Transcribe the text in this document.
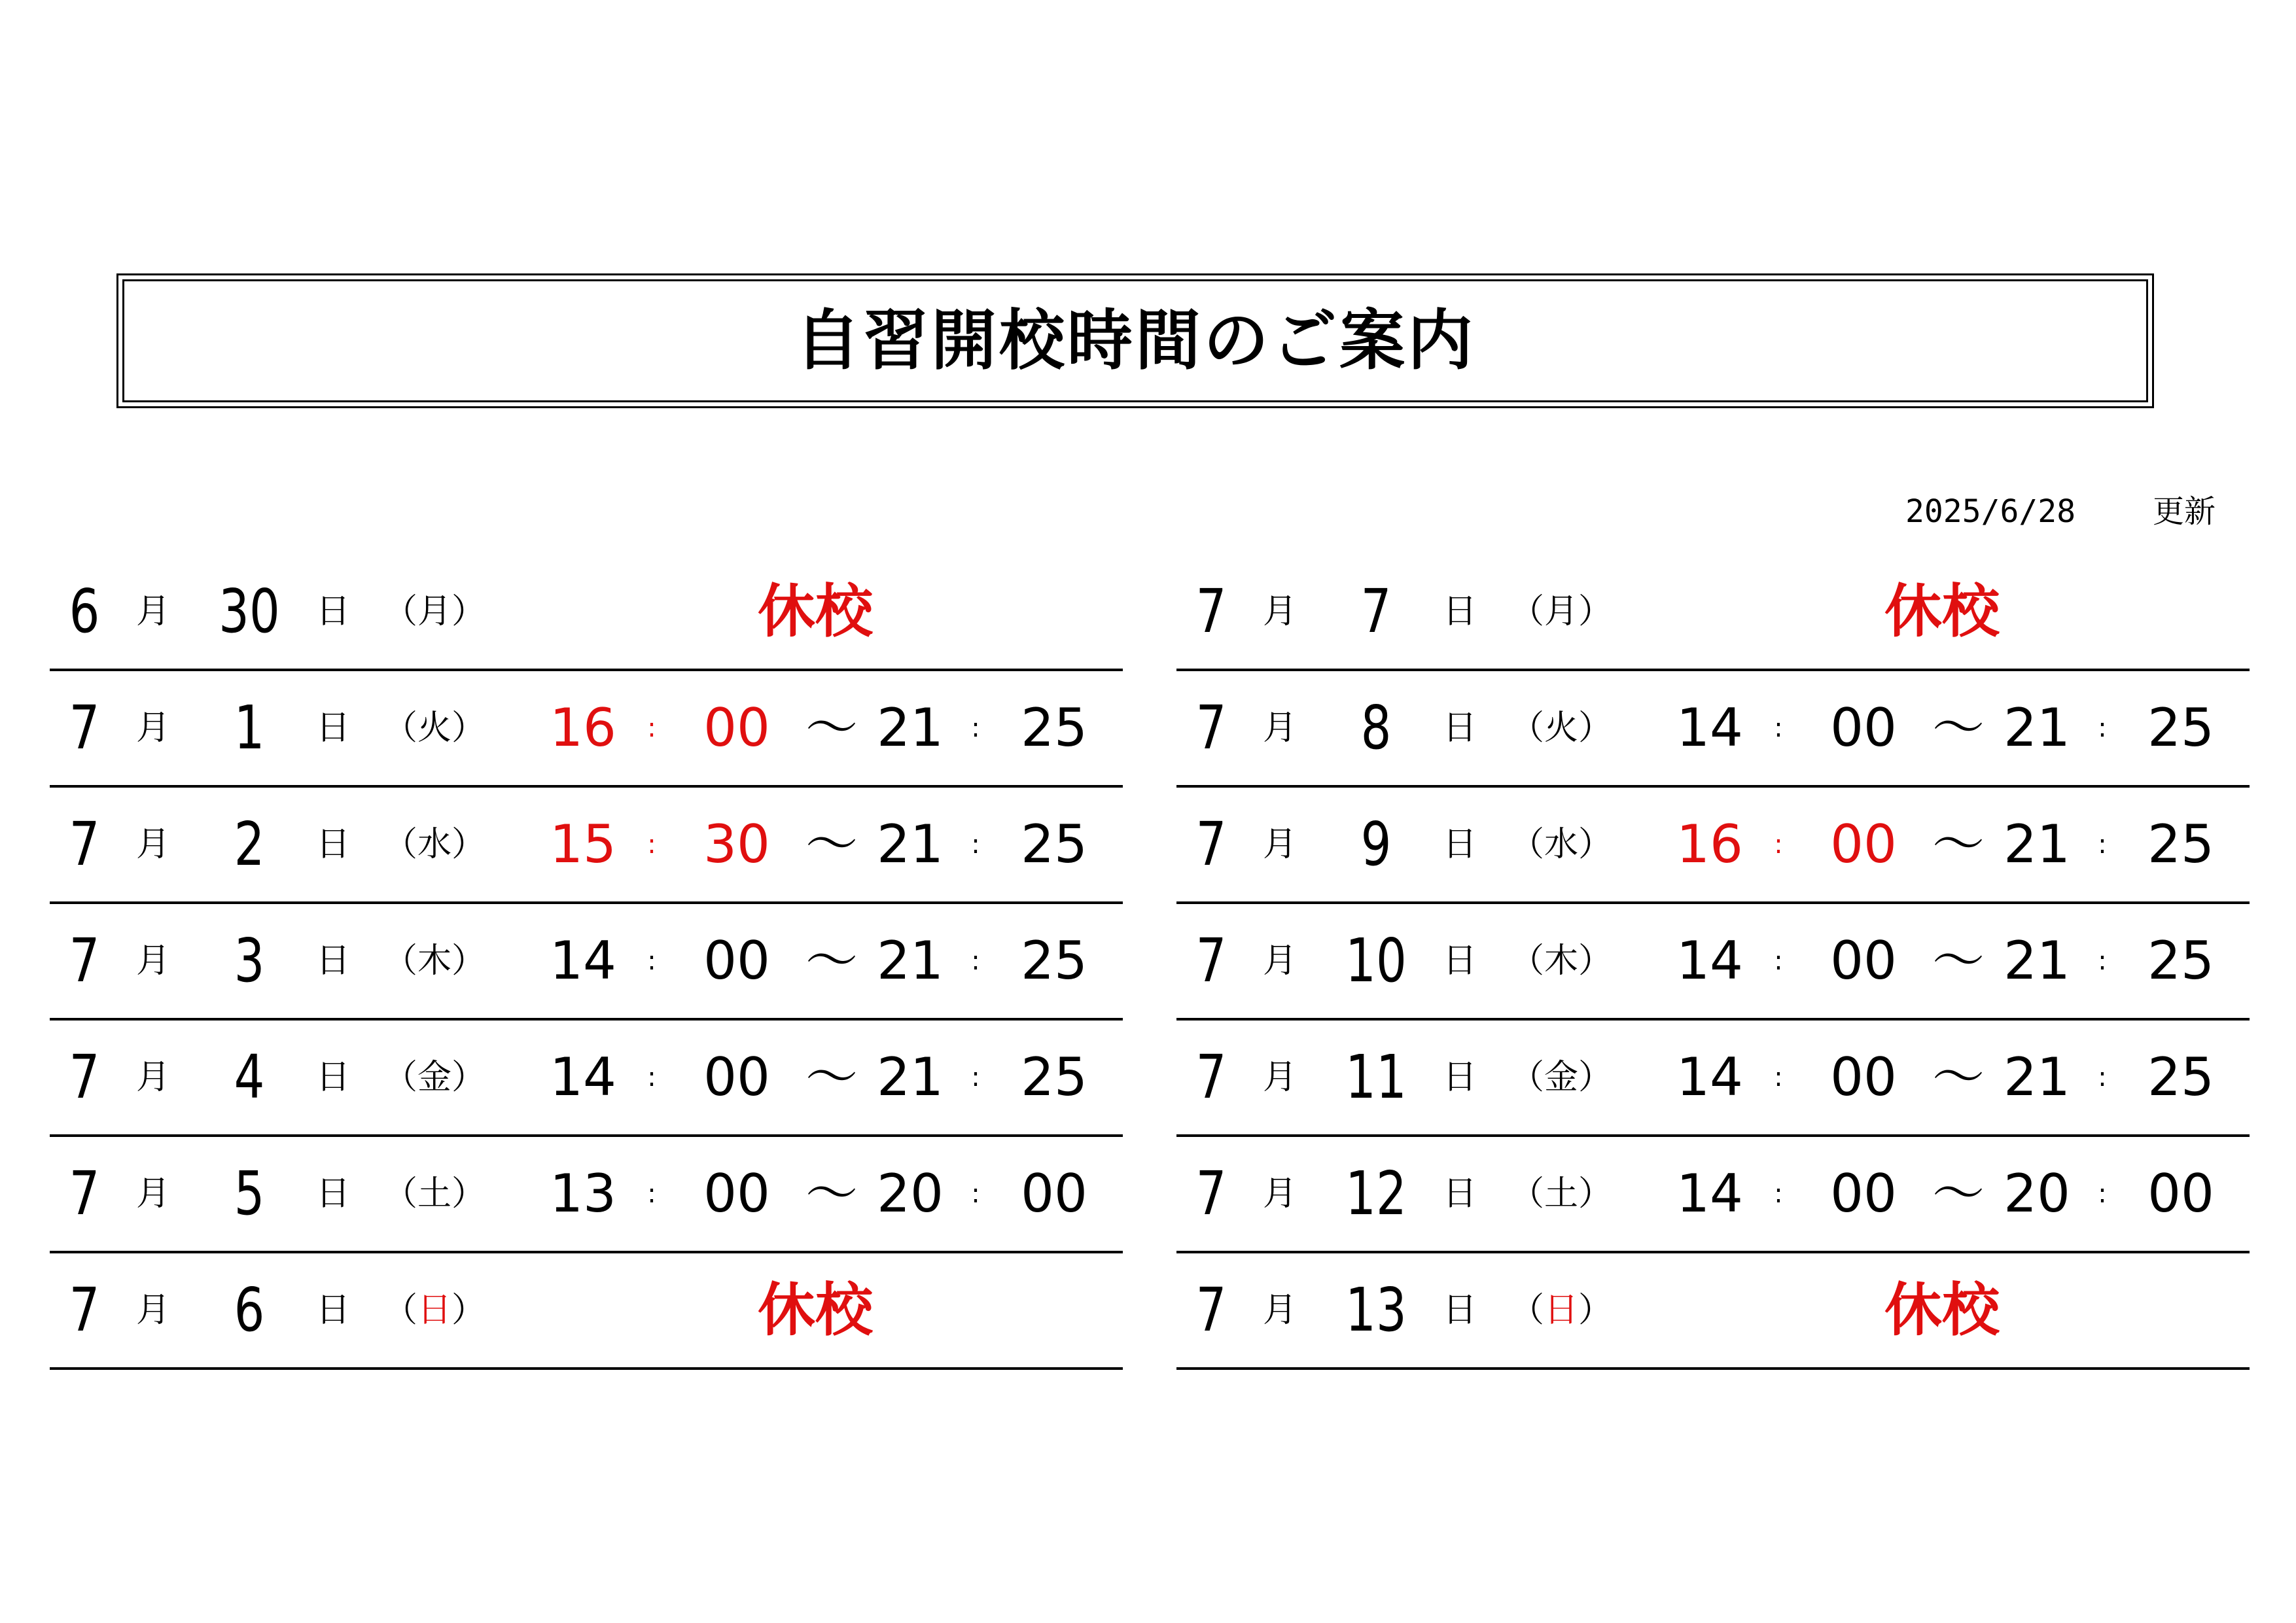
自習開校時間のご案内
2025/6/28 更新
6 月 30 日 （月）	休校
7 月	1	日 （火） 16	: 00 ～ 21	: 25
7 月	2	日 （水） 15	: 30 ～ 21	: 25
7 月	3	日 （木） 14	: 00 ～ 21	: 25
7 月	4	日 （金） 14	: 00 ～ 21	: 25
7 月	5	日 （土） 13	: 00 ～ 20	: 00
7 月	6	日 （日）	休校
7 月	7	日 （月）	休校
7 月	8	日 （火） 14	: 00 ～ 21	: 25
7 月	9	日 （水） 16	: 00 ～ 21	: 25
7 月 10 日 （木） 14	: 00 ～ 21	: 25
7 月 11 日 （金） 14	: 00 ～ 21	: 25
7 月 12 日 （土） 14	: 00 ～ 20	: 00
7 月 13 日 （日）	休校
